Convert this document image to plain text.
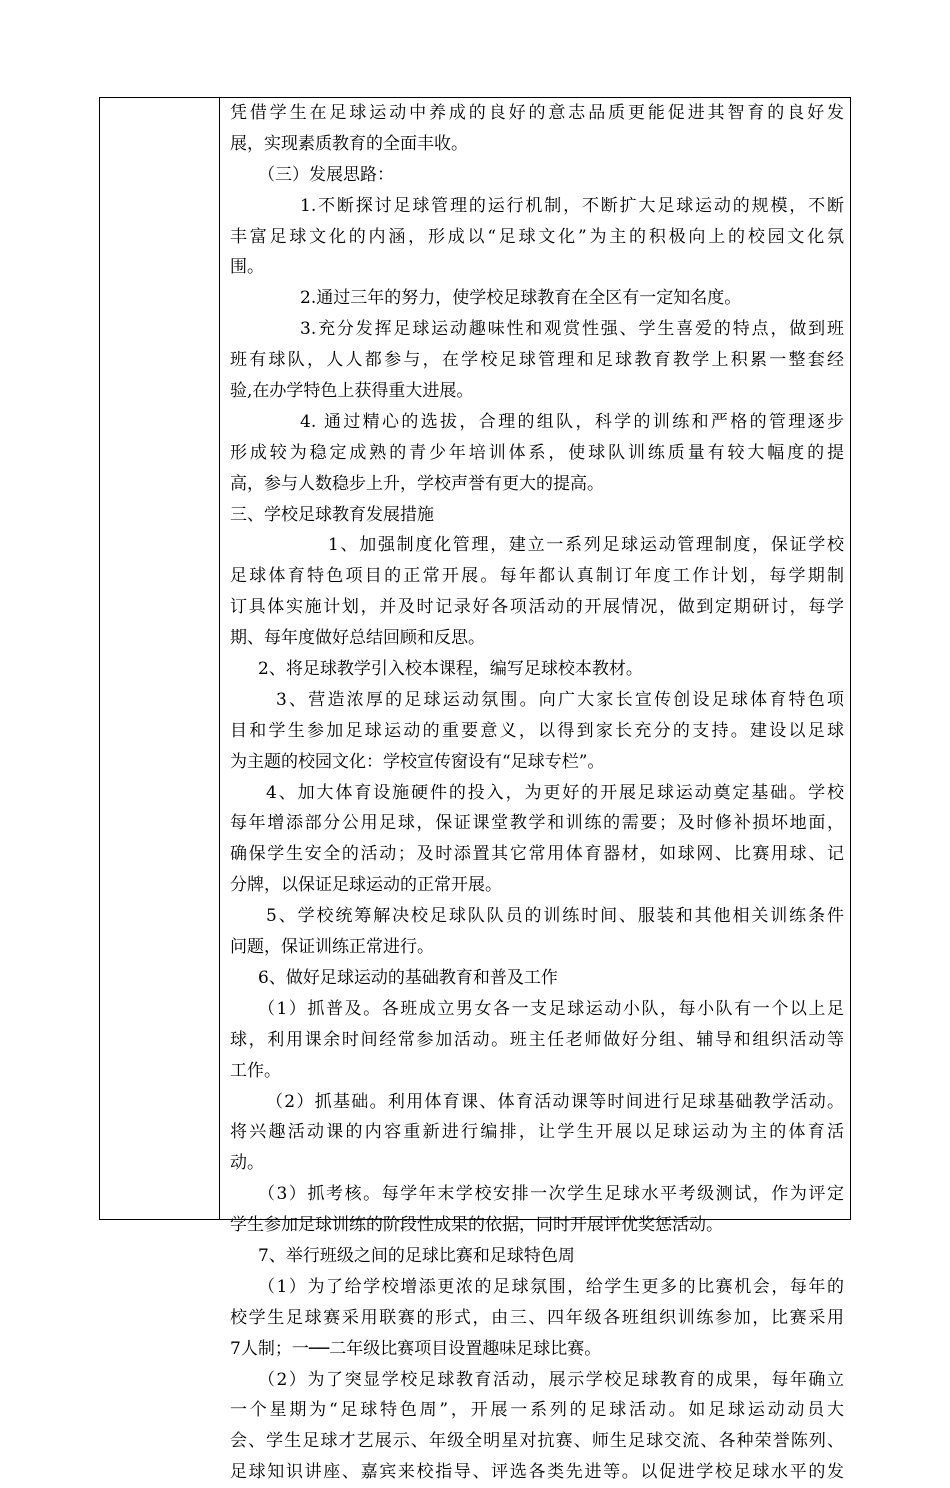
凭借学生在足球运动中养成的良好的意志品质更能促进其智育的良好发
展，实现素质教育的全面丰收。
（三）发展思路：
1.不断探讨足球管理的运行机制，不断扩大足球运动的规模，不断
丰富足球文化的内涵，形成以“足球文化”为主的积极向上的校园文化氛
围。
2.通过三年的努力，使学校足球教育在全区有一定知名度。
3.充分发挥足球运动趣味性和观赏性强、学生喜爱的特点，做到班
班有球队，人人都参与，在学校足球管理和足球教育教学上积累一整套经
验,在办学特色上获得重大进展。
4. 通过精心的选拔，合理的组队，科学的训练和严格的管理逐步
形成较为稳定成熟的青少年培训体系，使球队训练质量有较大幅度的提
高，参与人数稳步上升，学校声誉有更大的提高。
三、学校足球教育发展措施
1、加强制度化管理，建立一系列足球运动管理制度，保证学校
足球体育特色项目的正常开展。每年都认真制订年度工作计划，每学期制
订具体实施计划，并及时记录好各项活动的开展情况，做到定期研讨，每学
期、每年度做好总结回顾和反思。
2、将足球教学引入校本课程，编写足球校本教材。
3、营造浓厚的足球运动氛围。向广大家长宣传创设足球体育特色项
目和学生参加足球运动的重要意义，以得到家长充分的支持。建设以足球
为主题的校园文化：学校宣传窗设有“足球专栏”。
4、加大体育设施硬件的投入，为更好的开展足球运动奠定基础。学校
每年增添部分公用足球，保证课堂教学和训练的需要；及时修补损坏地面，
确保学生安全的活动；及时添置其它常用体育器材，如球网、比赛用球、记
分牌，以保证足球运动的正常开展。
5、学校统筹解决校足球队队员的训练时间、服装和其他相关训练条件
问题，保证训练正常进行。
6、做好足球运动的基础教育和普及工作
（1）抓普及。各班成立男女各一支足球运动小队，每小队有一个以上足
球，利用课余时间经常参加活动。班主任老师做好分组、辅导和组织活动等
工作。
（2）抓基础。利用体育课、体育活动课等时间进行足球基础教学活动。
将兴趣活动课的内容重新进行编排，让学生开展以足球运动为主的体育活
动。
（3）抓考核。每学年末学校安排一次学生足球水平考级测试，作为评定
学生参加足球训练的阶段性成果的依据，同时开展评优奖惩活动。
7、举行班级之间的足球比赛和足球特色周
（1）为了给学校增添更浓的足球氛围，给学生更多的比赛机会，每年的
校学生足球赛采用联赛的形式，由三、四年级各班组织训练参加，比赛采用
7人制；一──二年级比赛项目设置趣味足球比赛。
（2）为了突显学校足球教育活动，展示学校足球教育的成果，每年确立
一个星期为“足球特色周”，开展一系列的足球活动。如足球运动动员大
会、学生足球才艺展示、年级全明星对抗赛、师生足球交流、各种荣誉陈列、
足球知识讲座、嘉宾来校指导、评选各类先进等。以促进学校足球水平的发
